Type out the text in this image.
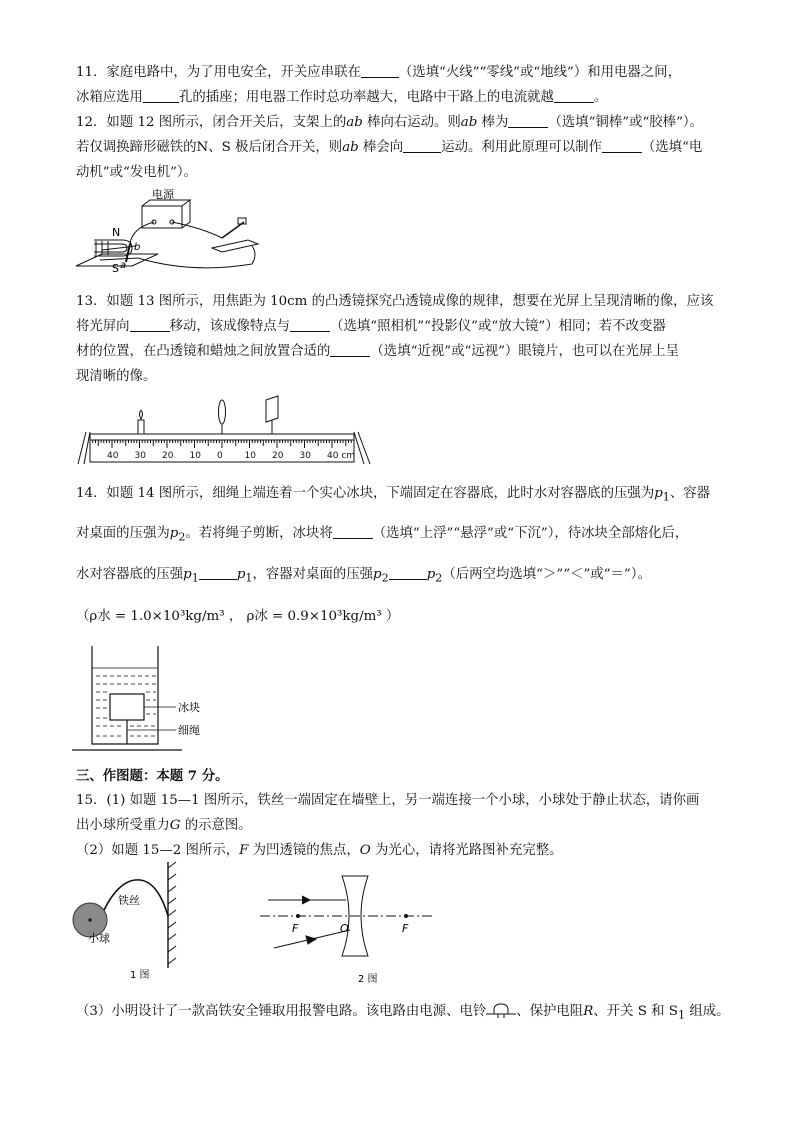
11．家庭电路中，为了用电安全，开关应串联在	（选填“火线”“零线”或“地线”）和用电器之间，
冰箱应选用	孔的插座；用电器工作时总功率越大，电路中干路上的电流就越	。
12．如题 12 图所示，闭合开关后，支架上的ab 棒向右运动。则ab 棒为	（选填“铜棒”或“胶棒”）。
若仅调换蹄形磁铁的N、S 极后闭合开关，则ab 棒会向	运动。利用此原理可以制作	（选填“电
动机”或“发电机”）。
电源
N
S
b
a
13．如题 13 图所示，用焦距为 10cm 的凸透镜探究凸透镜成像的规律，想要在光屏上呈现清晰的像，应该
将光屏向	移动，该成像特点与	（选填“照相机”“投影仪”或“放大镜”）相同；若不改变器
材的位置，在凸透镜和蜡烛之间放置合适的	（选填“近视”或“远视”）眼镜片，也可以在光屏上呈
现清晰的像。
40 30 20 10 0 10 20 30 40 cm
14．如题 14 图所示，细绳上端连着一个实心冰块，下端固定在容器底，此时水对容器底的压强为$p_1$、容器
对桌面的压强为$p_2$。若将绳子剪断，冰块将	（选填“上浮”“悬浮”或“下沉”），待冰块全部熔化后，
水对容器底的压强$p_1$	$p_1$，容器对桌面的压强$p_2$	$p_2$（后两空均选填“＞”“＜”或“＝”）。
（ρ水 = 1.0×10³kg/m³ ， ρ冰 = 0.9×10³kg/m³ ）
冰块
细绳
三、作图题：本题 7 分。
15．(1) 如题 15—1 图所示，铁丝一端固定在墙壁上，另一端连接一个小球，小球处于静止状态，请你画
出小球所受重力G 的示意图。
（2）如题 15—2 图所示，F 为凹透镜的焦点，O 为光心，请将光路图补充完整。
铁丝
小球
1 图
F	O	F
2 图
（3）小明设计了一款高铁安全锤取用报警电路。该电路由电源、电铃 、保护电阻R、开关 S 和 $S_1$ 组成。
